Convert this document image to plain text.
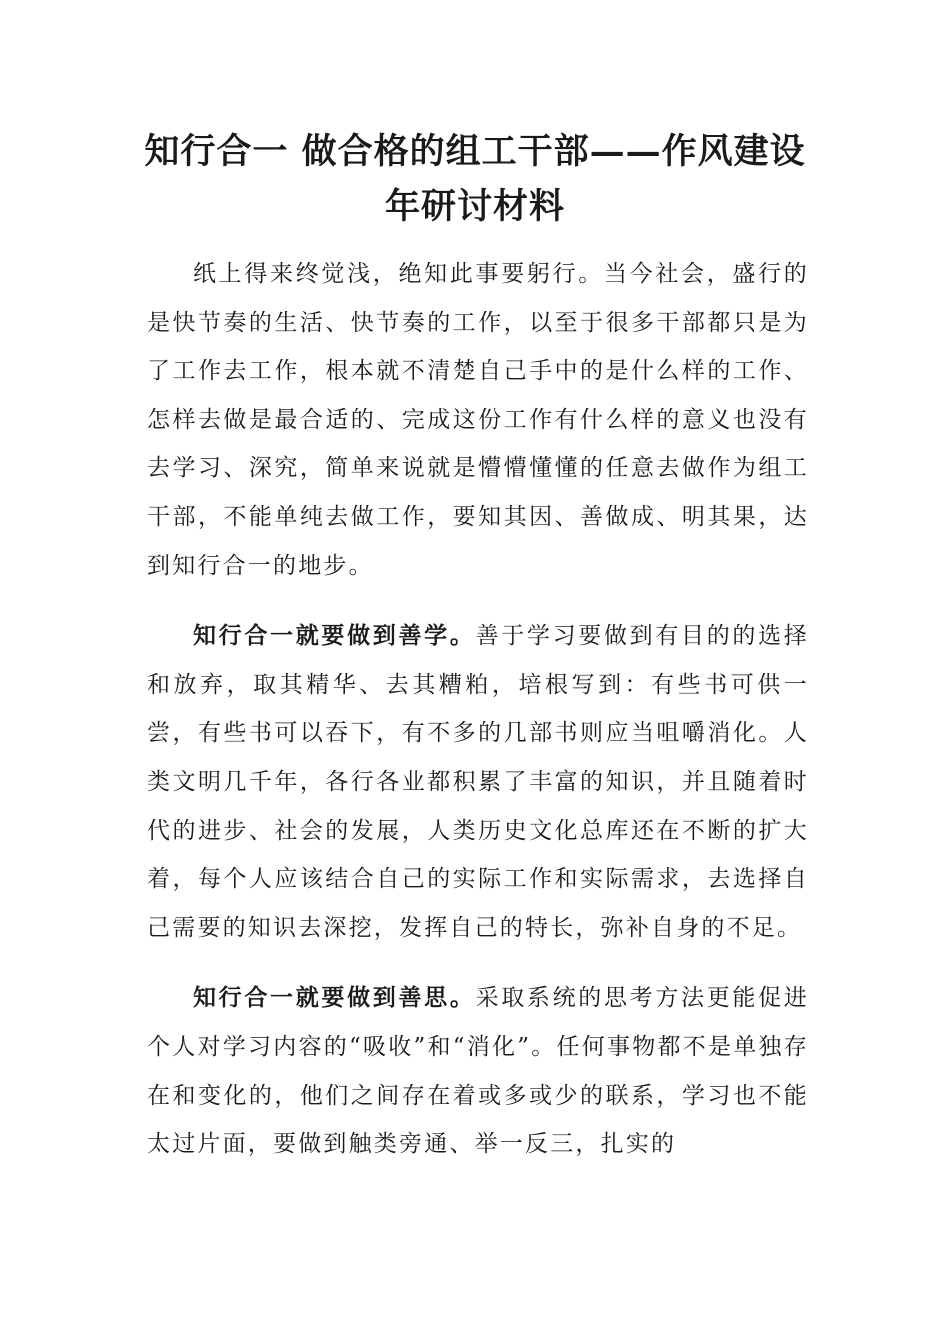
知行合一 做合格的组工干部——作风建设
年研讨材料

纸上得来终觉浅，绝知此事要躬行。当今社会，盛行的是快节奏的生活、快节奏的工作，以至于很多干部都只是为了工作去工作，根本就不清楚自己手中的是什么样的工作、怎样去做是最合适的、完成这份工作有什么样的意义也没有去学习、深究，简单来说就是懵懵懂懂的任意去做作为组工干部，不能单纯去做工作，要知其因、善做成、明其果，达到知行合一的地步。

知行合一就要做到善学。善于学习要做到有目的的选择和放弃，取其精华、去其糟粕，培根写到：有些书可供一尝，有些书可以吞下，有不多的几部书则应当咀嚼消化。人类文明几千年，各行各业都积累了丰富的知识，并且随着时代的进步、社会的发展，人类历史文化总库还在不断的扩大着，每个人应该结合自己的实际工作和实际需求，去选择自己需要的知识去深挖，发挥自己的特长，弥补自身的不足。

知行合一就要做到善思。采取系统的思考方法更能促进个人对学习内容的“吸收”和“消化”。任何事物都不是单独存在和变化的，他们之间存在着或多或少的联系，学习也不能太过片面，要做到触类旁通、举一反三，扎实的
